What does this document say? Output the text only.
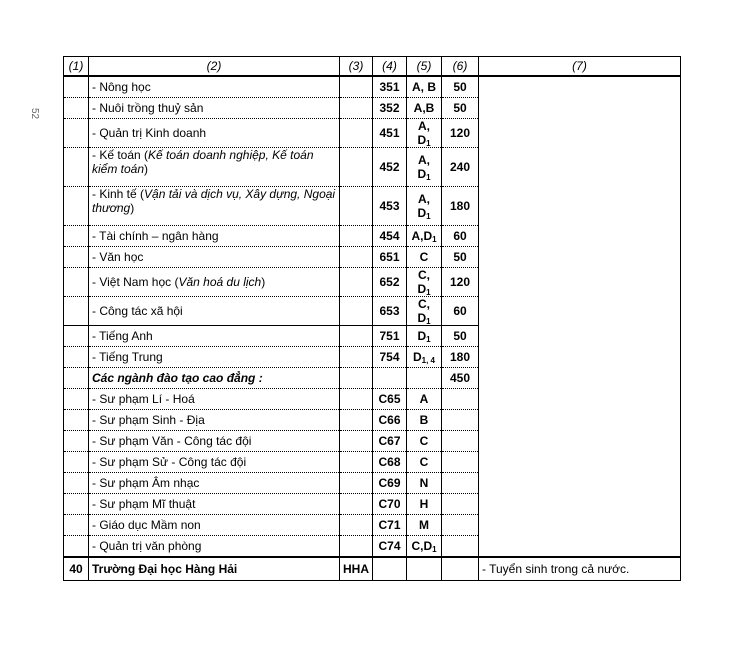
52
(1)	(2)	(3)	(4)	(5)	(6)	(7)
	- Nông học		351	A, B	50	
	- Nuôi trồng thuỷ sản		352	A,B	50	
	- Quản trị Kinh doanh		451	A, $D_1$	120	
	- Kế toán (Kế toán doanh nghiệp, Kế toán kiểm toán)		452	A, $D_1$	240	
	- Kinh tế (Vận tải và dịch vụ, Xây dựng, Ngoại thương)		453	A, $D_1$	180	
	- Tài chính – ngân hàng		454	$A,D_1$	60	
	- Văn học		651	C	50	
	- Việt Nam học (Văn hoá du lịch)		652	C, $D_1$	120	
	- Công tác xã hội		653	C, $D_1$	60	
	- Tiếng Anh		751	$D_1$	50	
	- Tiếng Trung		754	$D_{1, 4}$	180	
	Các ngành đào tạo cao đẳng :				450	
	- Sư phạm Lí - Hoá		C65	A		
	- Sư phạm Sinh - Địa		C66	B		
	- Sư phạm Văn - Công tác đội		C67	C		
	- Sư phạm Sử - Công tác đội		C68	C		
	- Sư phạm Âm nhạc		C69	N		
	- Sư phạm Mĩ thuật		C70	H		
	- Giáo dục Mầm non		C71	M		
	- Quản trị văn phòng		C74	$C,D_1$	
40	Trường Đại học Hàng Hải	HHA				- Tuyển sinh trong cả nước.
